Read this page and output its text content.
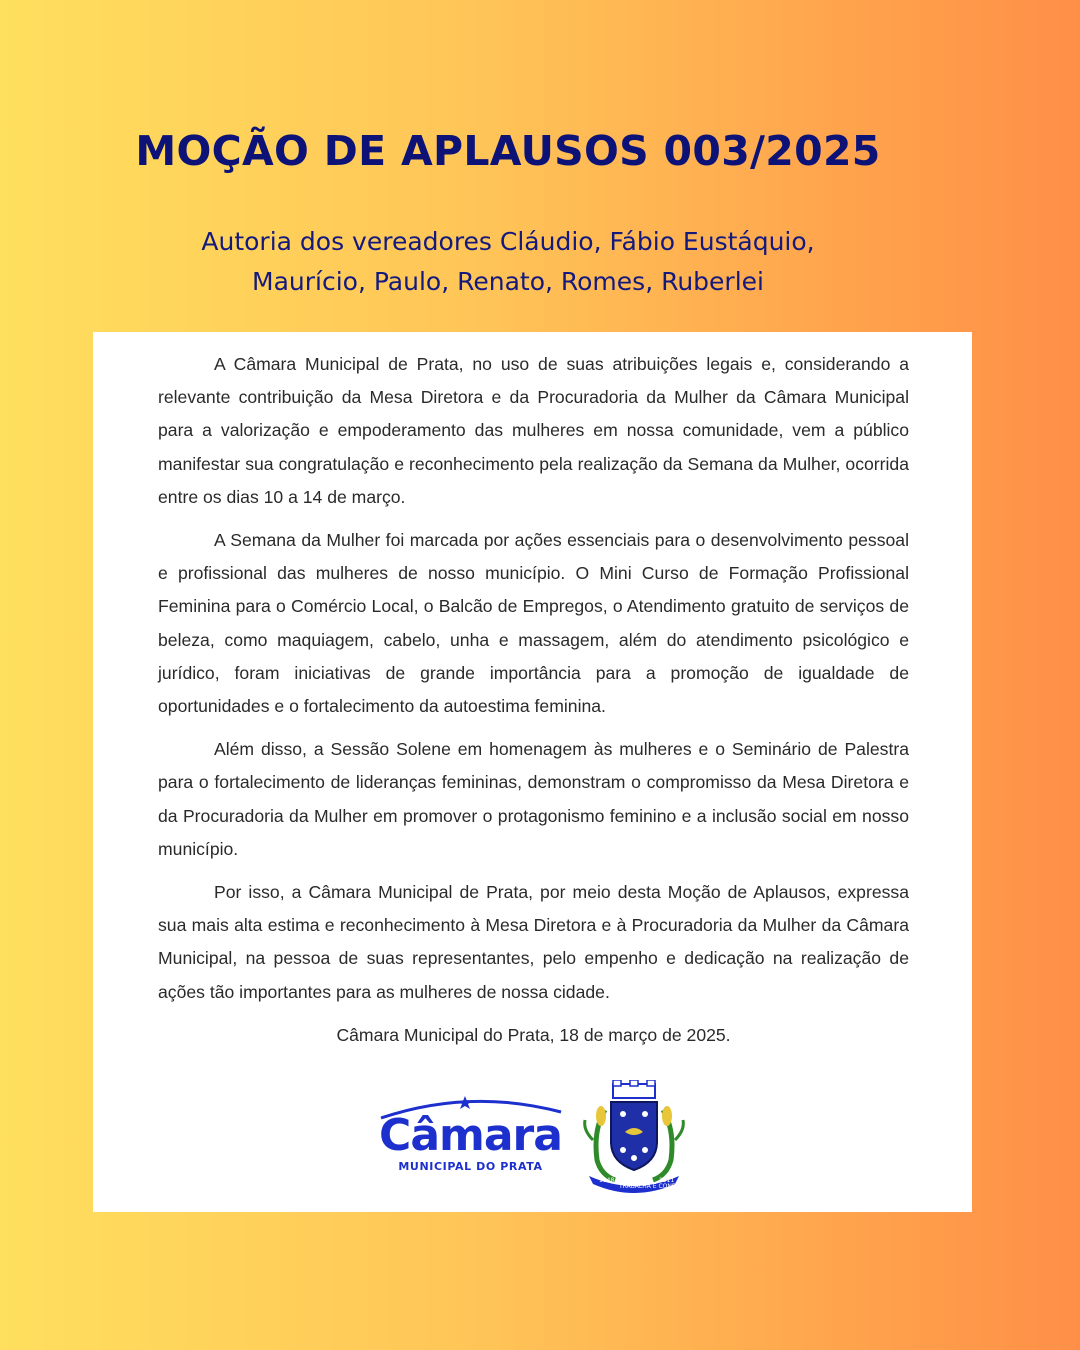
MOÇÃO DE APLAUSOS 003/2025
Autoria dos vereadores Cláudio, Fábio Eustáquio,
Maurício, Paulo, Renato, Romes, Ruberlei

A Câmara Municipal de Prata, no uso de suas atribuições legais e, considerando a relevante contribuição da Mesa Diretora e da Procuradoria da Mulher da Câmara Municipal para a valorização e empoderamento das mulheres em nossa comunidade, vem a público manifestar sua congratulação e reconhecimento pela realização da Semana da Mulher, ocorrida entre os dias 10 a 14 de março.

A Semana da Mulher foi marcada por ações essenciais para o desenvolvimento pessoal e profissional das mulheres de nosso município. O Mini Curso de Formação Profissional Feminina para o Comércio Local, o Balcão de Empregos, o Atendimento gratuito de serviços de beleza, como maquiagem, cabelo, unha e massagem, além do atendimento psicológico e jurídico, foram iniciativas de grande importância para a promoção de igualdade de oportunidades e o fortalecimento da autoestima feminina.

Além disso, a Sessão Solene em homenagem às mulheres e o Seminário de Palestra para o fortalecimento de lideranças femininas, demonstram o compromisso da Mesa Diretora e da Procuradoria da Mulher em promover o protagonismo feminino e a inclusão social em nosso município.

Por isso, a Câmara Municipal de Prata, por meio desta Moção de Aplausos, expressa sua mais alta estima e reconhecimento à Mesa Diretora e à Procuradoria da Mulher da Câmara Municipal, na pessoa de suas representantes, pelo empenho e dedicação na realização de ações tão importantes para as mulheres de nossa cidade.

Câmara Municipal do Prata, 18 de março de 2025.

Câmara
MUNICIPAL DO PRATA
1848
TRABALHA E CONFIA
1911
